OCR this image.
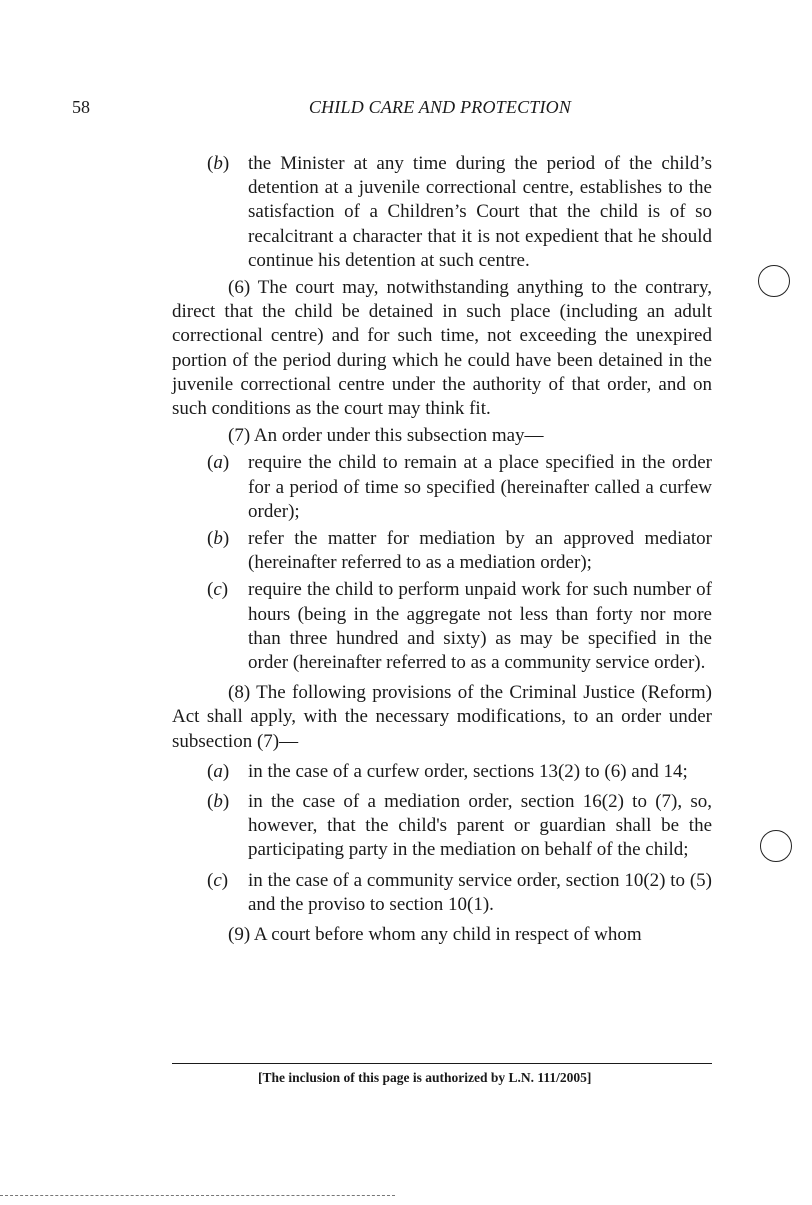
58	CHILD CARE AND PROTECTION
(b) the Minister at any time during the period of the child’s detention at a juvenile correctional centre, establishes to the satisfaction of a Children’s Court that the child is of so recalcitrant a character that it is not expedient that he should continue his detention at such centre.
(6) The court may, notwithstanding anything to the contrary, direct that the child be detained in such place (including an adult correctional centre) and for such time, not exceeding the unexpired portion of the period during which he could have been detained in the juvenile correctional centre under the authority of that order, and on such conditions as the court may think fit.
(7) An order under this subsection may—
(a) require the child to remain at a place specified in the order for a period of time so specified (hereinafter called a curfew order);
(b) refer the matter for mediation by an approved mediator (hereinafter referred to as a mediation order);
(c)	require the child to perform unpaid work for such number of hours (being in the aggregate not less than forty nor more than three hundred and sixty) as may be specified in the order (hereinafter referred to as a community service order).
(8) The following provisions of the Criminal Justice (Reform) Act shall apply, with the necessary modifications, to an order under subsection (7)—
(a) in the case of a curfew order, sections 13(2) to (6) and 14;
(b) in the case of a mediation order, section 16(2) to (7), so, however, that the child's parent or guardian shall be the participating party in the mediation on behalf of the child;
(c)	in the case of a community service order, section 10(2) to (5) and the proviso to section 10(1).
(9) A court before whom any child in respect of whom
[The inclusion of this page is authorized by L.N. 111/2005]
